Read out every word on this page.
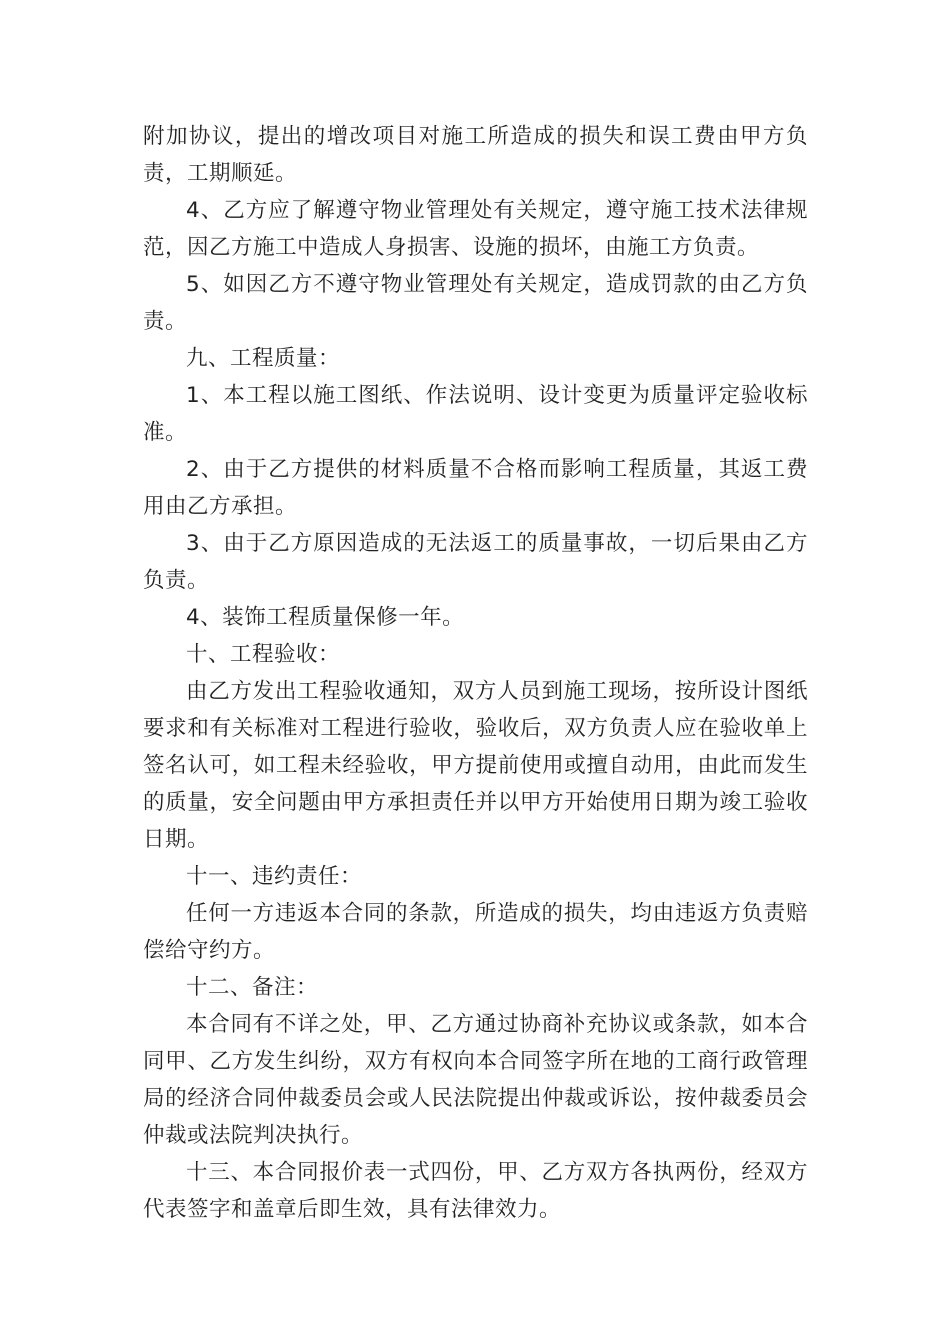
附加协议，提出的增改项目对施工所造成的损失和误工费由甲方负责，工期顺延。

4、乙方应了解遵守物业管理处有关规定，遵守施工技术法律规范，因乙方施工中造成人身损害、设施的损坏，由施工方负责。

5、如因乙方不遵守物业管理处有关规定，造成罚款的由乙方负责。

九、工程质量：

1、本工程以施工图纸、作法说明、设计变更为质量评定验收标准。

2、由于乙方提供的材料质量不合格而影响工程质量，其返工费用由乙方承担。

3、由于乙方原因造成的无法返工的质量事故，一切后果由乙方负责。

4、装饰工程质量保修一年。

十、工程验收：

由乙方发出工程验收通知，双方人员到施工现场，按所设计图纸要求和有关标准对工程进行验收，验收后，双方负责人应在验收单上签名认可，如工程未经验收，甲方提前使用或擅自动用，由此而发生的质量，安全问题由甲方承担责任并以甲方开始使用日期为竣工验收日期。

十一、违约责任：

任何一方违返本合同的条款，所造成的损失，均由违返方负责赔偿给守约方。

十二、备注：

本合同有不详之处，甲、乙方通过协商补充协议或条款，如本合同甲、乙方发生纠纷，双方有权向本合同签字所在地的工商行政管理局的经济合同仲裁委员会或人民法院提出仲裁或诉讼，按仲裁委员会仲裁或法院判决执行。

十三、本合同报价表一式四份，甲、乙方双方各执两份，经双方代表签字和盖章后即生效，具有法律效力。
